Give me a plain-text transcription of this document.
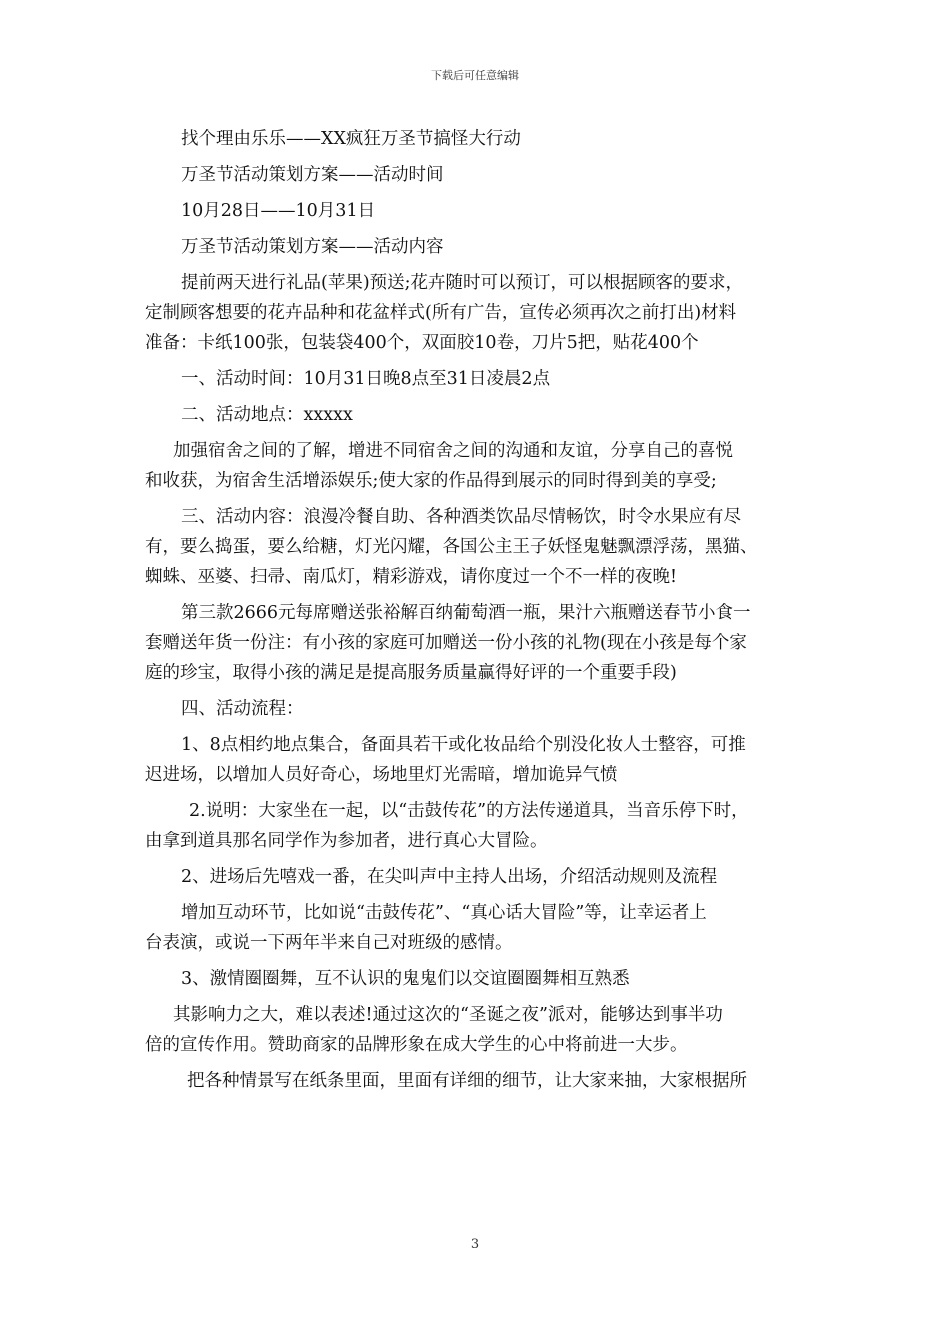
下载后可任意编辑
找个理由乐乐——XX疯狂万圣节搞怪大行动
万圣节活动策划方案——活动时间
10月28日——10月31日
万圣节活动策划方案——活动内容
提前两天进行礼品(苹果)预送;花卉随时可以预订，可以根据顾客的要求，
定制顾客想要的花卉品种和花盆样式(所有广告，宣传必须再次之前打出)材料
准备：卡纸100张，包装袋400个，双面胶10卷，刀片5把，贴花400个
一、活动时间：10月31日晚8点至31日凌晨2点
二、活动地点：xxxxx
加强宿舍之间的了解，增进不同宿舍之间的沟通和友谊，分享自己的喜悦
和收获，为宿舍生活增添娱乐;使大家的作品得到展示的同时得到美的享受;
三、活动内容：浪漫冷餐自助、各种酒类饮品尽情畅饮，时令水果应有尽
有，要么捣蛋，要么给糖，灯光闪耀，各国公主王子妖怪鬼魅飘漂浮荡，黑猫、
蜘蛛、巫婆、扫帚、南瓜灯，精彩游戏，请你度过一个不一样的夜晚!
第三款2666元每席赠送张裕解百纳葡萄酒一瓶，果汁六瓶赠送春节小食一
套赠送年货一份注：有小孩的家庭可加赠送一份小孩的礼物(现在小孩是每个家
庭的珍宝，取得小孩的满足是提高服务质量赢得好评的一个重要手段)
四、活动流程：
1、8点相约地点集合，备面具若干或化妆品给个别没化妆人士整容，可推
迟进场，以增加人员好奇心，场地里灯光需暗，增加诡异气愤
2.说明：大家坐在一起，以“击鼓传花”的方法传递道具，当音乐停下时，
由拿到道具那名同学作为参加者，进行真心大冒险。
2、进场后先嘻戏一番，在尖叫声中主持人出场，介绍活动规则及流程
增加互动环节，比如说“击鼓传花”、“真心话大冒险”等，让幸运者上
台表演，或说一下两年半来自己对班级的感情。
3、激情圈圈舞，互不认识的鬼鬼们以交谊圈圈舞相互熟悉
其影响力之大，难以表述!通过这次的“圣诞之夜”派对，能够达到事半功
倍的宣传作用。赞助商家的品牌形象在成大学生的心中将前进一大步。
把各种情景写在纸条里面，里面有详细的细节，让大家来抽，大家根据所
3
